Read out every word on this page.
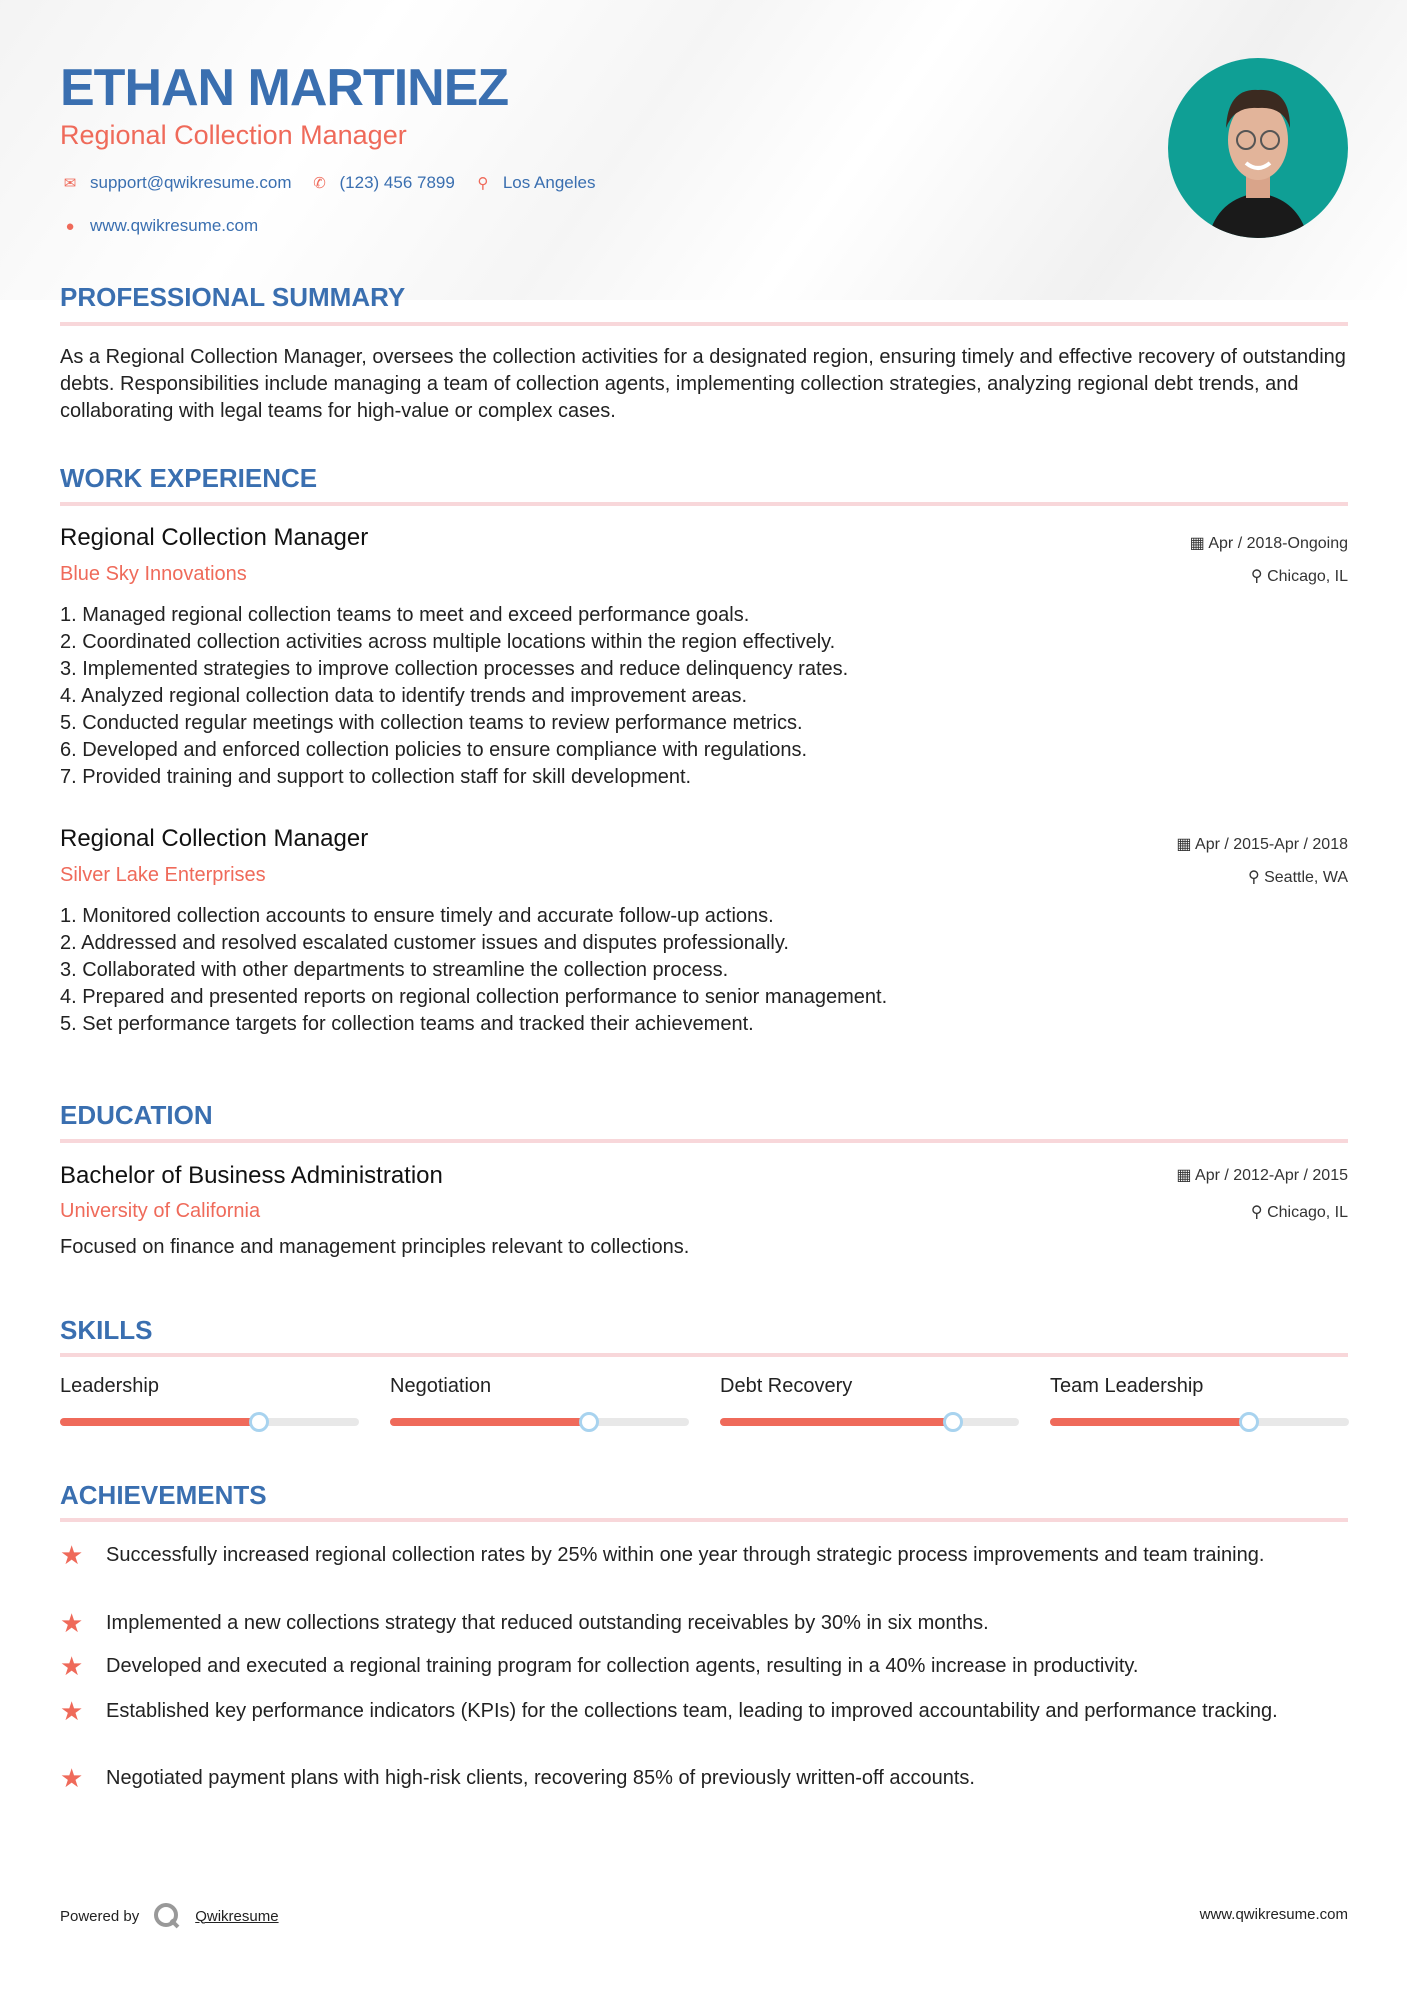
ETHAN MARTINEZ
Regional Collection Manager
✉ support@qwikresume.com ✆ (123) 456 7899	⚲ Los Angeles
● www.qwikresume.com
PROFESSIONAL SUMMARY
As a Regional Collection Manager, oversees the collection activities for a designated region, ensuring timely and effective recovery of outstanding debts. Responsibilities include managing a team of collection agents, implementing collection strategies, analyzing regional debt trends, and collaborating with legal teams for high-value or complex cases.
WORK EXPERIENCE
Regional Collection Manager
Blue Sky Innovations
▦ Apr / 2018-Ongoing
⚲ Chicago, IL
1. Managed regional collection teams to meet and exceed performance goals.
2. Coordinated collection activities across multiple locations within the region effectively.
3. Implemented strategies to improve collection processes and reduce delinquency rates.
4. Analyzed regional collection data to identify trends and improvement areas.
5. Conducted regular meetings with collection teams to review performance metrics.
6. Developed and enforced collection policies to ensure compliance with regulations.
7. Provided training and support to collection staff for skill development.
Regional Collection Manager
Silver Lake Enterprises
▦ Apr / 2015-Apr / 2018
⚲ Seattle, WA
1. Monitored collection accounts to ensure timely and accurate follow-up actions.
2. Addressed and resolved escalated customer issues and disputes professionally.
3. Collaborated with other departments to streamline the collection process.
4. Prepared and presented reports on regional collection performance to senior management.
5. Set performance targets for collection teams and tracked their achievement.
EDUCATION
Bachelor of Business Administration
University of California
▦ Apr / 2012-Apr / 2015
⚲ Chicago, IL
Focused on finance and management principles relevant to collections.
SKILLS
Leadership	Negotiation	Debt Recovery	Team Leadership
ACHIEVEMENTS
★	Successfully increased regional collection rates by 25% within one year through strategic process improvements and team training.
★	Implemented a new collections strategy that reduced outstanding receivables by 30% in six months.
★	Developed and executed a regional training program for collection agents, resulting in a 40% increase in productivity.
★	Established key performance indicators (KPIs) for the collections team, leading to improved accountability and performance tracking.
★	Negotiated payment plans with high-risk clients, recovering 85% of previously written-off accounts.
Powered by	Qwikresume	www.qwikresume.com
